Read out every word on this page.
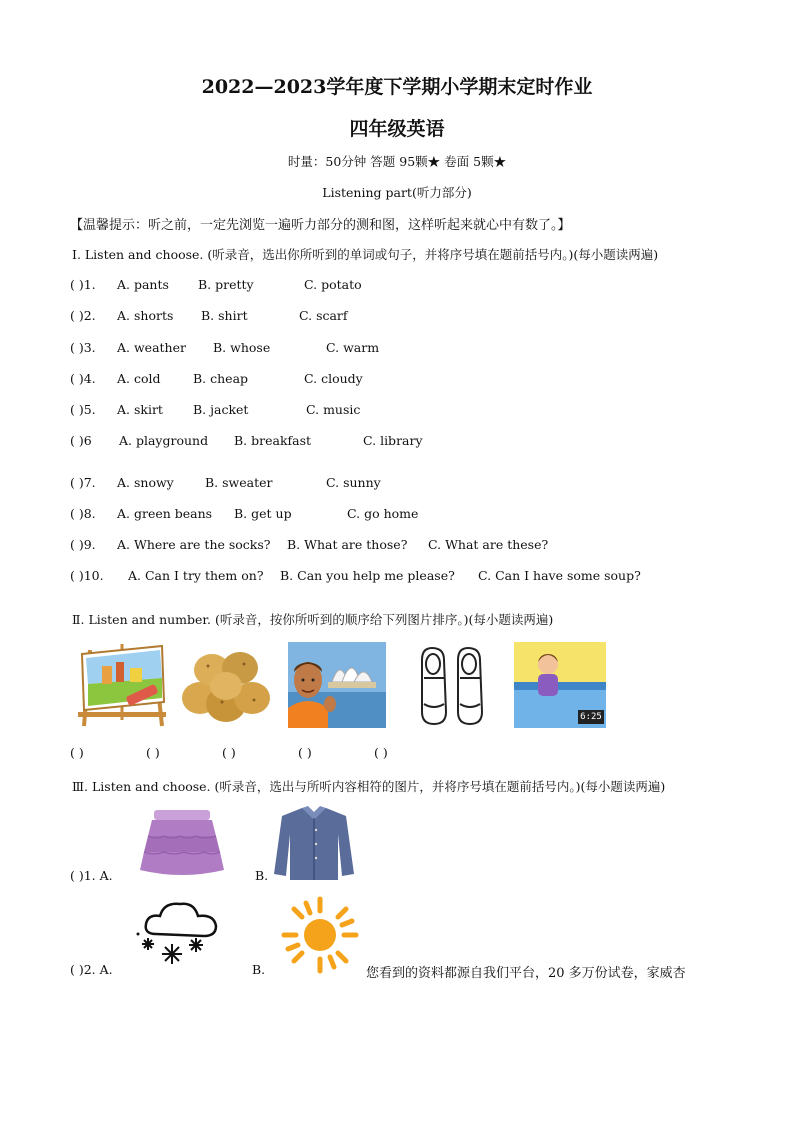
2022—2023学年度下学期小学期末定时作业
四年级英语
时量：50分钟 答题 95颗★ 卷面 5颗★
Listening part(听力部分)
【温馨提示：听之前，一定先浏览一遍听力部分的测和图，这样听起来就心中有数了。】
I. Listen and choose. (听录音，选出你所听到的单词或句子，并将序号填在题前括号内。)(每小题读两遍)
( )1. A. pants B. pretty	C. potato
( )2. A. shorts B. shirt	C. scarf
( )3. A. weather B. whose	C. warm
( )4. A. cold	B. cheap	C. cloudy
( )5. A. skirt B. jacket	C. music
( )6 A. playground B. breakfast	C. library
( )7. A. snowy	B. sweater	C. sunny
( )8. A. green beans B. get up	C. go home
( )9. A. Where are the socks? B. What are those? C. What are these?
( )10. A. Can I try them on? B. Can you help me please? C. Can I have some soup?
Ⅱ. Listen and number. (听录音，按你所听到的顺序给下列图片排序。)(每小题读两遍)
6:25
( )	( )	( )	( )	( )
Ⅲ. Listen and choose. (听录音，选出与所听内容相符的图片，并将序号填在题前括号内。)(每小题读两遍)
( )1. A.	B.
( )2. A.	B.	您看到的资料都源自我们平台，20 多万份试卷，家威杏
